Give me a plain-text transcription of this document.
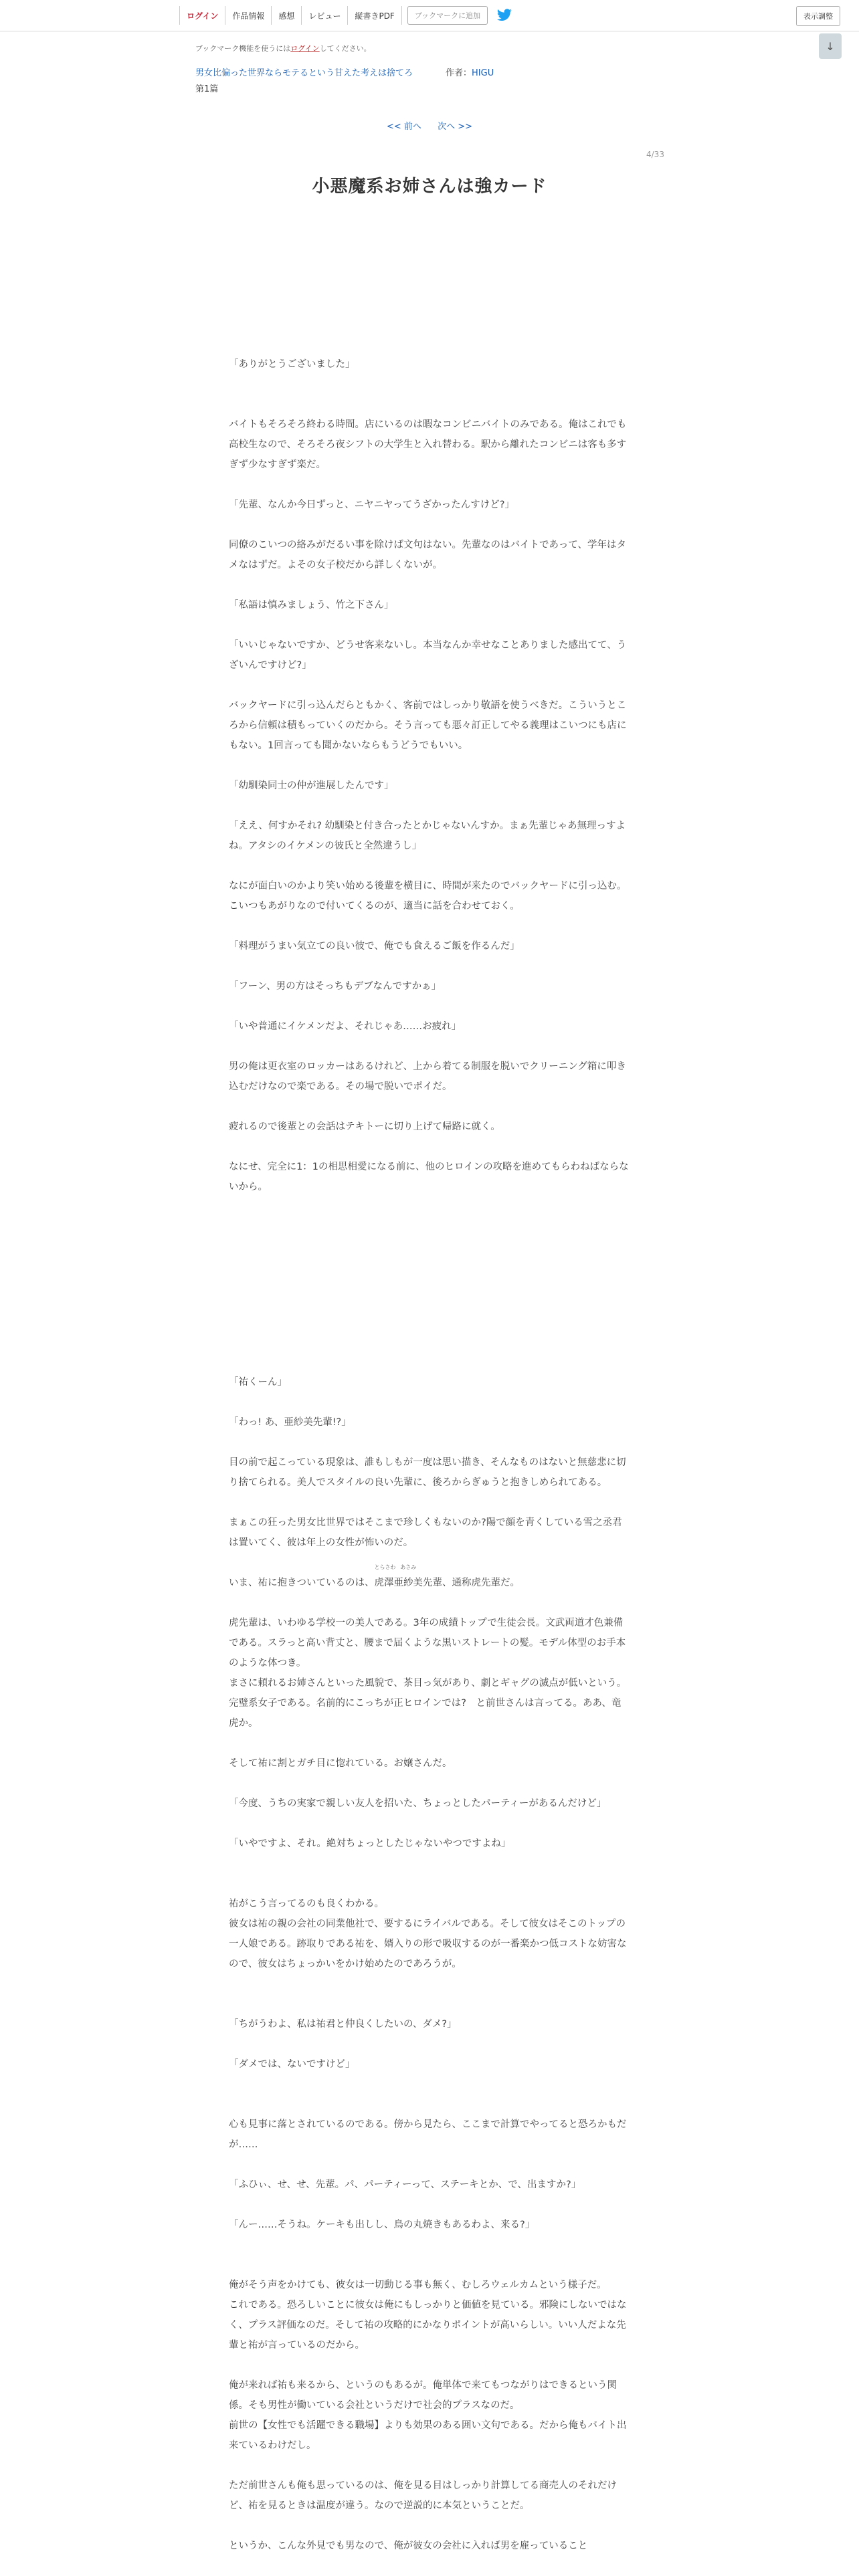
ログイン	作品情報	感想	レビュー	縦書きPDF	ブックマークに追加	表示調整
↓
ブックマーク機能を使うにはログインしてください。
男女比偏った世界ならモテるという甘えた考えは捨てろ	作者：HIGU
第1篇
<< 前へ 次へ >>
4/33
小悪魔系お姉さんは強カード

「ありがとうございました」

バイトもそろそろ終わる時間。店にいるのは暇なコンビニバイトのみである。俺はこれでも高校生なので、そろそろ夜シフトの大学生と入れ替わる。駅から離れたコンビニは客も多すぎず少なすぎず楽だ。

「先輩、なんか今日ずっと、ニヤニヤってうざかったんすけど?」

同僚のこいつの絡みがだるい事を除けば文句はない。先輩なのはバイトであって、学年はタメなはずだ。よその女子校だから詳しくないが。

「私語は慎みましょう、竹之下さん」

「いいじゃないですか、どうせ客来ないし。本当なんか幸せなことありました感出てて、うざいんですけど?」

バックヤードに引っ込んだらともかく、客前ではしっかり敬語を使うべきだ。こういうところから信頼は積もっていくのだから。そう言っても悪々訂正してやる義理はこいつにも店にもない。1回言っても聞かないならもうどうでもいい。

「幼馴染同士の仲が進展したんです」

「ええ、何すかそれ? 幼馴染と付き合ったとかじゃないんすか。まぁ先輩じゃあ無理っすよね。アタシのイケメンの彼氏と全然違うし」

なにが面白いのかより笑い始める後輩を横目に、時間が来たのでバックヤードに引っ込む。こいつもあがりなので付いてくるのが、適当に話を合わせておく。

「料理がうまい気立ての良い彼で、俺でも食えるご飯を作るんだ」

「フーン、男の方はそっちもデブなんですかぁ」

「いや普通にイケメンだよ、それじゃあ……お疲れ」

男の俺は更衣室のロッカーはあるけれど、上から着てる制服を脱いでクリーニング箱に叩き込むだけなので楽である。その場で脱いでポイだ。

疲れるので後輩との会話はテキトーに切り上げて帰路に就く。

なにせ、完全に1：1の相思相愛になる前に、他のヒロインの攻略を進めてもらわねばならないから。

「祐くーん」

「わっ! あ、亜紗美先輩!?」

目の前で起こっている現象は、誰もしもが一度は思い描き、そんなものはないと無慈悲に切り捨てられる。美人でスタイルの良い先輩に、後ろからぎゅうと抱きしめられてある。

まぁこの狂った男女比世界ではそこまで珍しくもないのか?陽で顔を青くしている雪之丞君は置いてく、彼は年上の女性が怖いのだ。

いま、祐に抱きついているのは、
とらさわ
虎澤
あさみ
亜紗美先輩、通称虎先輩だ。

虎先輩は、いわゆる学校一の美人である。3年の成績トップで生徒会長。文武両道才色兼備である。スラっと高い背丈と、腰まで届くような黒いストレートの髪。モデル体型のお手本のような体つき。

まさに頼れるお姉さんといった風貌で、茶目っ気があり、劇とギャグの滅点が低いという。完璧系女子である。名前的にこっちが正ヒロインでは?　と前世さんは言ってる。ああ、竜虎か。

そして祐に割とガチ目に惚れている。お嬢さんだ。

「今度、うちの実家で親しい友人を招いた、ちょっとしたパーティーがあるんだけど」

「いやですよ、それ。絶対ちょっとしたじゃないやつですよね」

祐がこう言ってるのも良くわかる。

彼女は祐の親の会社の同業他社で、要するにライバルである。そして彼女はそこのトップの一人娘である。跡取りである祐を、婿入りの形で吸収するのが一番楽かつ低コストな妨害なので、彼女はちょっかいをかけ始めたのであろうが。

「ちがうわよ、私は祐君と仲良くしたいの、ダメ?」

「ダメでは、ないですけど」

心も見事に落とされているのである。傍から見たら、ここまで計算でやってると恐ろかもだが……

「ふひぃ、せ、せ、先輩。パ、パーティーって、ステーキとか、で、出ますか?」

「んー……そうね。ケーキも出しし、鳥の丸焼きもあるわよ、来る?」

俺がそう声をかけても、彼女は一切動じる事も無く、むしろウェルカムという様子だ。

これである。恐ろしいことに彼女は俺にもしっかりと価値を見ている。邪険にしないではなく、プラス評価なのだ。そして祐の攻略的にかなりポイントが高いらしい。いい人だよな先輩と祐が言っているのだから。

俺が来れば祐も来るから、というのもあるが。俺単体で来てもつながりはできるという関係。そも男性が働いている会社というだけで社会的プラスなのだ。

前世の【女性でも活躍できる職場】よりも効果のある囲い文句である。だから俺もバイト出来ているわけだし。

ただ前世さんも俺も思っているのは、俺を見る目はしっかり計算してる商売人のそれだけど、祐を見るときは温度が違う。なので逆説的に本気ということだ。

というか、こんな外見でも男なので、俺が彼女の会社に入れば男を雇っていること
